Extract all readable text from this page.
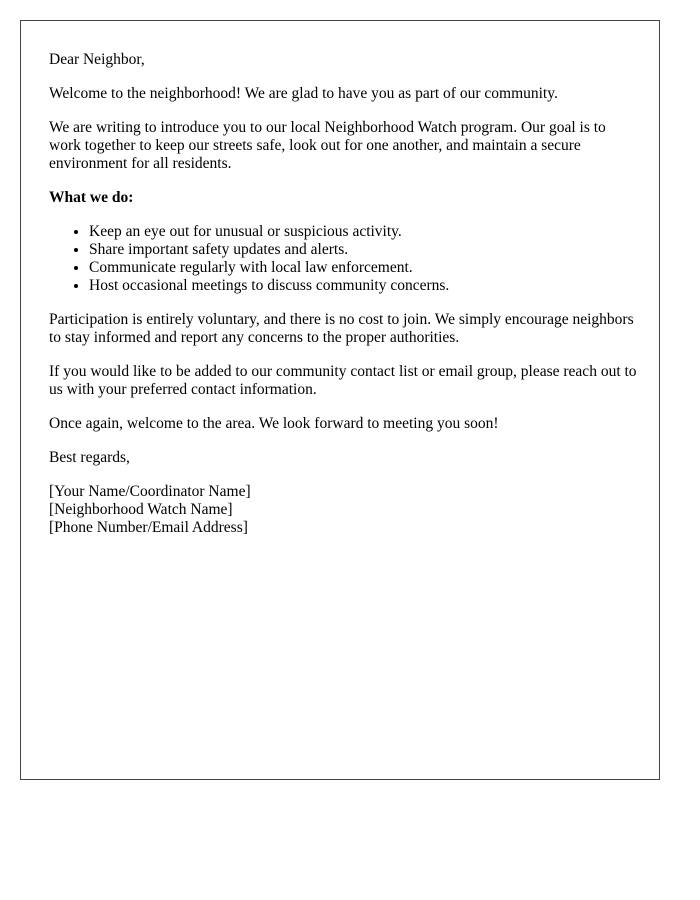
Dear Neighbor,

Welcome to the neighborhood! We are glad to have you as part of our community.

We are writing to introduce you to our local Neighborhood Watch program. Our goal is to work together to keep our streets safe, look out for one another, and maintain a secure environment for all residents.

What we do:

• Keep an eye out for unusual or suspicious activity.
• Share important safety updates and alerts.
• Communicate regularly with local law enforcement.
• Host occasional meetings to discuss community concerns.

Participation is entirely voluntary, and there is no cost to join. We simply encourage neighbors to stay informed and report any concerns to the proper authorities.

If you would like to be added to our community contact list or email group, please reach out to us with your preferred contact information.

Once again, welcome to the area. We look forward to meeting you soon!

Best regards,

[Your Name/Coordinator Name]
[Neighborhood Watch Name]
[Phone Number/Email Address]
